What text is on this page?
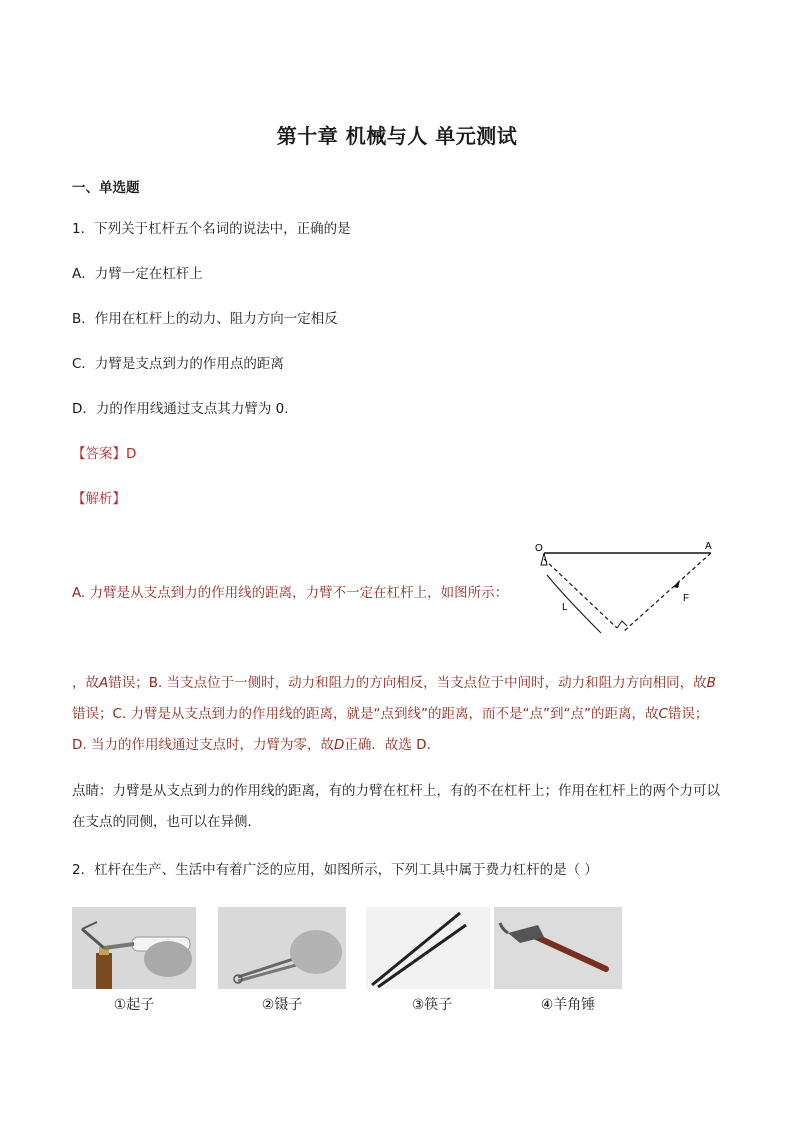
第十章 机械与人 单元测试
一、单选题
1．下列关于杠杆五个名词的说法中，正确的是
A．力臂一定在杠杆上
B．作用在杠杆上的动力、阻力方向一定相反
C．力臂是支点到力的作用点的距离
D．力的作用线通过支点其力臂为 0．
【答案】D
【解析】
A. 力臂是从支点到力的作用线的距离，力臂不一定在杠杆上，如图所示：
O	A
F
L
，故A错误；B. 当支点位于一侧时，动力和阻力的方向相反，当支点位于中间时，动力和阻力方向相同，故B错误；C. 力臂是从支点到力的作用线的距离，就是“点到线”的距离，而不是“点”到“点”的距离，故C错误；D. 当力的作用线通过支点时，力臂为零，故D正确．故选 D.
点睛：力臂是从支点到力的作用线的距离，有的力臂在杠杆上，有的不在杠杆上；作用在杠杆上的两个力可以在支点的同侧，也可以在异侧．
2．杠杆在生产、生活中有着广泛的应用，如图所示，下列工具中属于费力杠杆的是（ ）
①起子	②镊子	③筷子	④羊角锤
